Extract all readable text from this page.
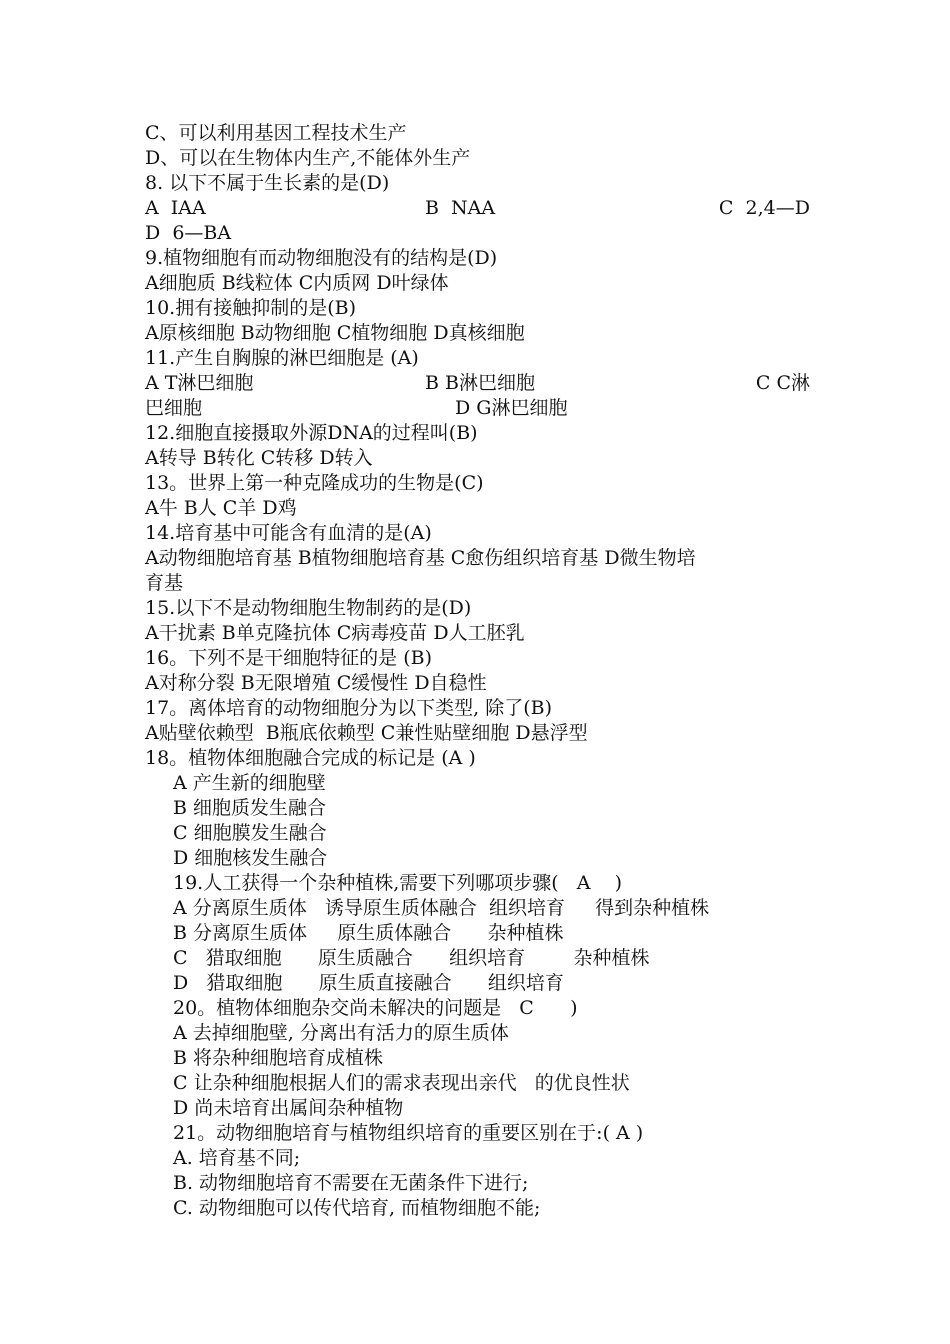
C、可以利用基因工程技术生产
D、可以在生物体内生产,不能体外生产
8. 以下不属于生长素的是(D)
A  IAA	B  NAA	C  2,4—D
D  6—BA
9.植物细胞有而动物细胞没有的结构是(D)
A细胞质 B线粒体 C内质网 D叶绿体
10.拥有接触抑制的是(B)
A原核细胞 B动物细胞 C植物细胞 D真核细胞
11.产生自胸腺的淋巴细胞是 (A)
A T淋巴细胞	B B淋巴细胞	C C淋
巴细胞	D G淋巴细胞
12.细胞直接摄取外源DNA的过程叫(B)
A转导 B转化 C转移 D转入
13。世界上第一种克隆成功的生物是(C)
A牛 B人 C羊 D鸡
14.培育基中可能含有血清的是(A)
A动物细胞培育基 B植物细胞培育基 C愈伤组织培育基 D微生物培
育基
15.以下不是动物细胞生物制药的是(D)
A干扰素 B单克隆抗体 C病毒疫苗 D人工胚乳
16。下列不是干细胞特征的是 (B)
A对称分裂 B无限增殖 C缓慢性 D自稳性
17。离体培育的动物细胞分为以下类型, 除了(B)
A贴壁依赖型  B瓶底依赖型 C兼性贴壁细胞 D悬浮型
18。植物体细胞融合完成的标记是 (A )
A 产生新的细胞壁
B 细胞质发生融合
C 细胞膜发生融合
D 细胞核发生融合
19.人工获得一个杂种植株,需要下列哪项步骤(   A    )
A 分离原生质体   诱导原生质体融合  组织培育     得到杂种植株
B 分离原生质体     原生质体融合      杂种植株
C   猎取细胞      原生质融合      组织培育        杂种植株
D   猎取细胞      原生质直接融合      组织培育
20。植物体细胞杂交尚未解决的问题是   C      )
A 去掉细胞壁, 分离出有活力的原生质体
B 将杂种细胞培育成植株
C 让杂种细胞根据人们的需求表现出亲代   的优良性状
D 尚未培育出属间杂种植物
21。动物细胞培育与植物组织培育的重要区别在于:( A )
A. 培育基不同;
B. 动物细胞培育不需要在无菌条件下进行;
C. 动物细胞可以传代培育, 而植物细胞不能;
